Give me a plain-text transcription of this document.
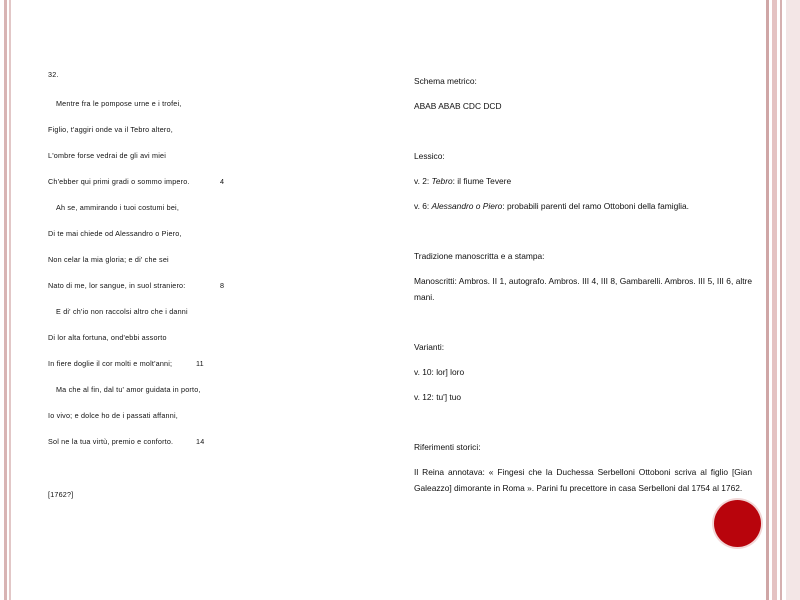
32.
Mentre fra le pompose urne e i trofei,
Figlio, t'aggiri onde va il Tebro altero,
L'ombre forse vedrai de gli avi miei
Ch'ebber qui primi gradi o sommo impero.	4
Ah se, ammirando i tuoi costumi bei,
Di te mai chiede od Alessandro o Piero,
Non celar la mia gloria; e di' che sei
Nato di me, lor sangue, in suol straniero:	8
E di' ch'io non raccolsi altro che i danni
Di lor alta fortuna, ond'ebbi assorto
In fiere doglie il cor molti e molt'anni;	11
Ma che al fin, dal tu' amor guidata in porto,
Io vivo; e dolce ho de i passati affanni,
Sol ne la tua virtù, premio e conforto.	14
[1762?]
Schema metrico:
ABAB ABAB CDC DCD
Lessico:
v. 2: Tebro: il fiume Tevere
v. 6: Alessandro o Piero: probabili parenti del ramo Ottoboni della famiglia.
Tradizione manoscritta e a stampa:
Manoscritti: Ambros. II 1, autografo. Ambros. III 4, III 8, Gambarelli. Ambros. III 5, III 6, altre mani.
Varianti:
v. 10: lor] loro
v. 12: tu'] tuo
Riferimenti storici:
Il Reina annotava: « Fingesi che la Duchessa Serbelloni Ottoboni scriva al figlio [Gian Galeazzo] dimorante in Roma ». Parini fu precettore in casa Serbelloni dal 1754 al 1762.
